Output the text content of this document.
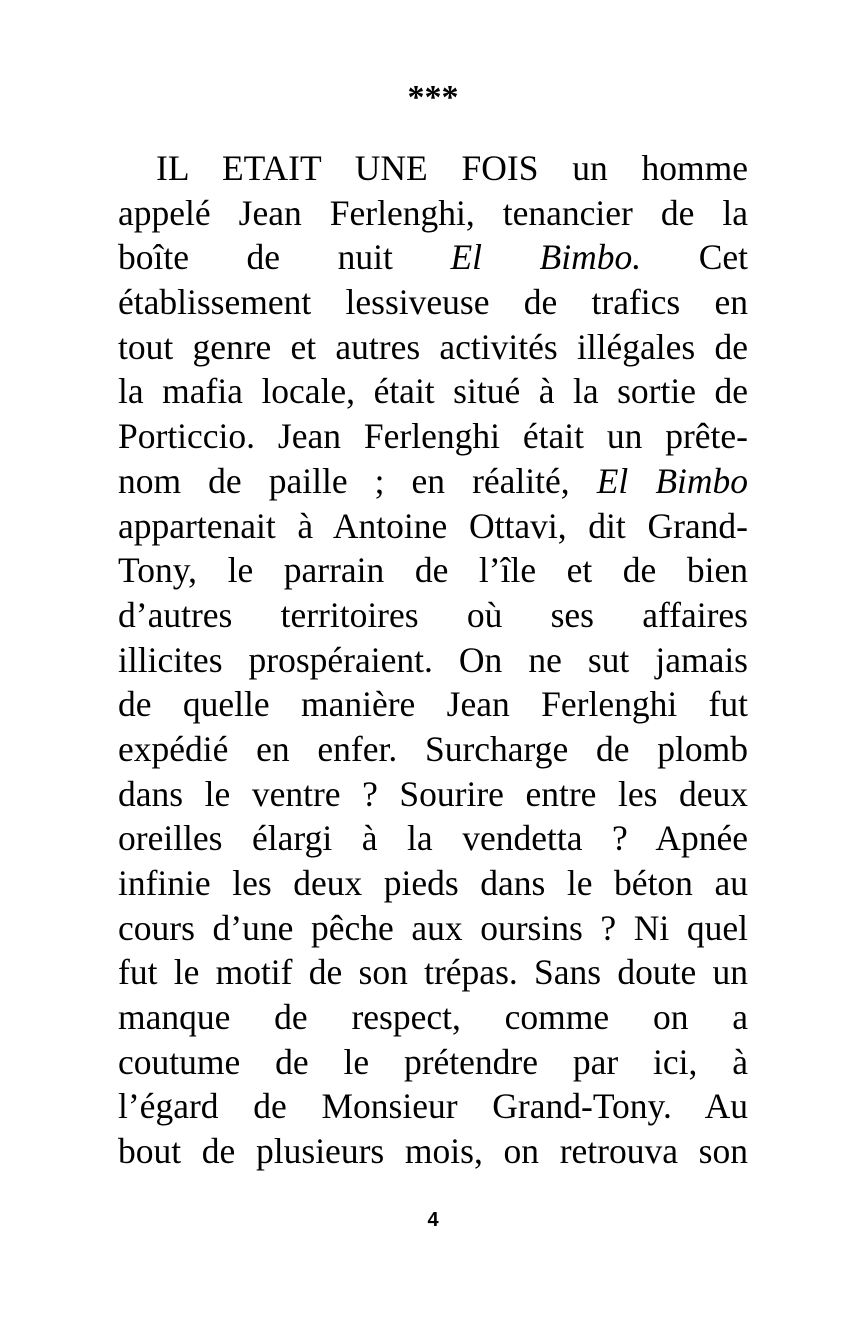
***
IL ETAIT UNE FOIS un homme
appelé Jean Ferlenghi, tenancier de la
boîte de nuit El Bimbo. Cet
établissement lessiveuse de trafics en
tout genre et autres activités illégales de
la mafia locale, était situé à la sortie de
Porticcio. Jean Ferlenghi était un prête-
nom de paille ; en réalité, El Bimbo
appartenait à Antoine Ottavi, dit Grand-
Tony, le parrain de l’île et de bien
d’autres territoires où ses affaires
illicites prospéraient. On ne sut jamais
de quelle manière Jean Ferlenghi fut
expédié en enfer. Surcharge de plomb
dans le ventre ? Sourire entre les deux
oreilles élargi à la vendetta ? Apnée
infinie les deux pieds dans le béton au
cours d’une pêche aux oursins ? Ni quel
fut le motif de son trépas. Sans doute un
manque de respect, comme on a
coutume de le prétendre par ici, à
l’égard de Monsieur Grand-Tony. Au
bout de plusieurs mois, on retrouva son
4
